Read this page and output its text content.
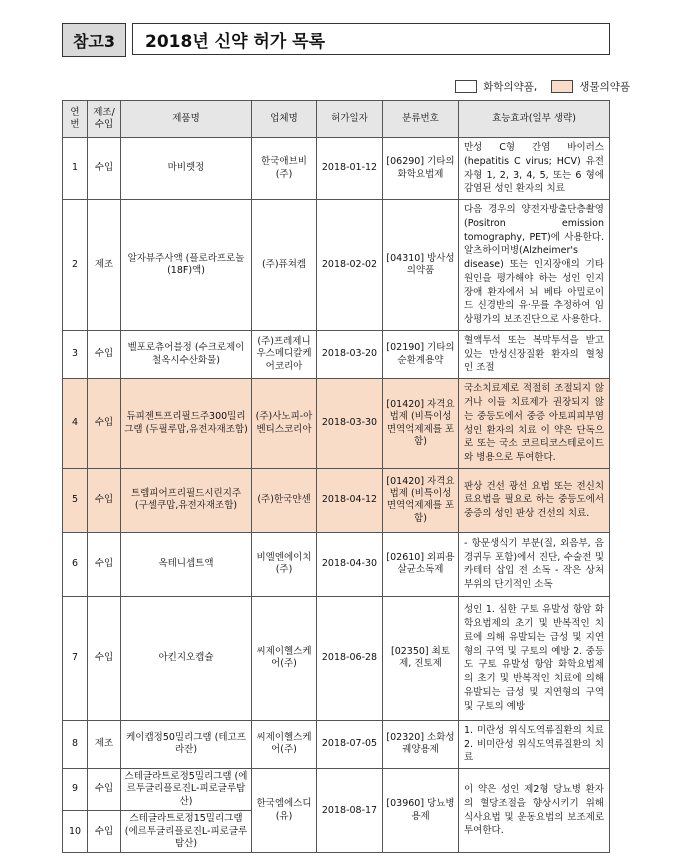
참고3	2018년 신약 허가 목록
화학의약품,	생물의약품
연번	제조/수입	제품명	업체명	허가일자	분류번호	효능효과(일부 생략)
1	수입	마비렛정	한국애브비(주)	2018-01-12	[06290] 기타의 화학요법제	만성 C형 간염 바이러스(hepatitis C virus; HCV) 유전자형 1, 2, 3, 4, 5, 또는 6 형에 감염된 성인 환자의 치료
2	제조	알자뷰주사액 (플로라프로놀(18F)액)	(주)퓨쳐켐	2018-02-02	[04310] 방사성 의약품	다음 경우의 양전자방출단층촬영(Positron emission tomography, PET)에 사용한다. 알츠하이머병(Alzheimer's disease) 또는 인지장애의 기타 원인을 평가해야 하는 성인 인지장애 환자에서 뇌 베타 아밀로이드 신경반의 유·무를 추정하여 임상평가의 보조진단으로 사용한다.
3	수입	벨포로츄어블정 (수크로제이철옥시수산화물)	(주)프레제니우스메디칼케어코리아	2018-03-20	[02190] 기타의 순환계용약	혈액투석 또는 복막투석을 받고 있는 만성신장질환 환자의 혈청 인 조절
4	수입	듀피젠트프리필드주300밀리그램 (두필루맙,유전자재조합)	(주)사노피-아벤티스코리아	2018-03-30	[01420] 자격요법제 (비특이성면역억제제를 포함)	국소치료제로 적절히 조절되지 않거나 이들 치료제가 권장되지 않는 중등도에서 중증 아토피피부염 성인 환자의 치료 이 약은 단독으로 또는 국소 코르티코스테로이드와 병용으로 투여한다.
5	수입	트렘피어프리필드시린지주 (구셀쿠맙,유전자재조합)	(주)한국얀센	2018-04-12	[01420] 자격요법제 (비특이성면역억제제를 포함)	판상 건선 광선 요법 또는 전신치료요법을 필요로 하는 중등도에서 중증의 성인 판상 건선의 치료.
6	수입	옥테니셉트액	비엘엔에이치(주)	2018-04-30	[02610] 외피용살균소독제	- 항문생식기 부분(질, 외음부, 음경귀두 포함)에서 진단, 수술전 및 카테터 삽입 전 소독 - 작은 상처부위의 단기적인 소독
7	수입	아킨지오캡슐	씨제이헬스케어(주)	2018-06-28	[02350] 최토제, 진토제	성인 1. 심한 구토 유발성 항암 화학요법제의 초기 및 반복적인 치료에 의해 유발되는 급성 및 지연형의 구역 및 구토의 예방 2. 중등도 구토 유발성 항암 화학요법제의 초기 및 반복적인 치료에 의해 유발되는 급성 및 지연형의 구역 및 구토의 예방
8	제조	케이캡정50밀리그램 (테고프라잔)	씨제이헬스케어(주)	2018-07-05	[02320] 소화성궤양용제	1. 미란성 위식도역류질환의 치료 2. 비미란성 위식도역류질환의 치료
9	수입	스테글라트로정5밀리그램 (에르투글리플로진L-피로글루탐산)	한국엠에스디(유)	2018-08-17	[03960] 당뇨병용제	이 약은 성인 제2형 당뇨병 환자의 혈당조절을 향상시키기 위해 식사요법 및 운동요법의 보조제로 투여한다.
10	수입	스테글라트로정15밀리그램 (에르투글리플로진L-피로글루탐산)				
